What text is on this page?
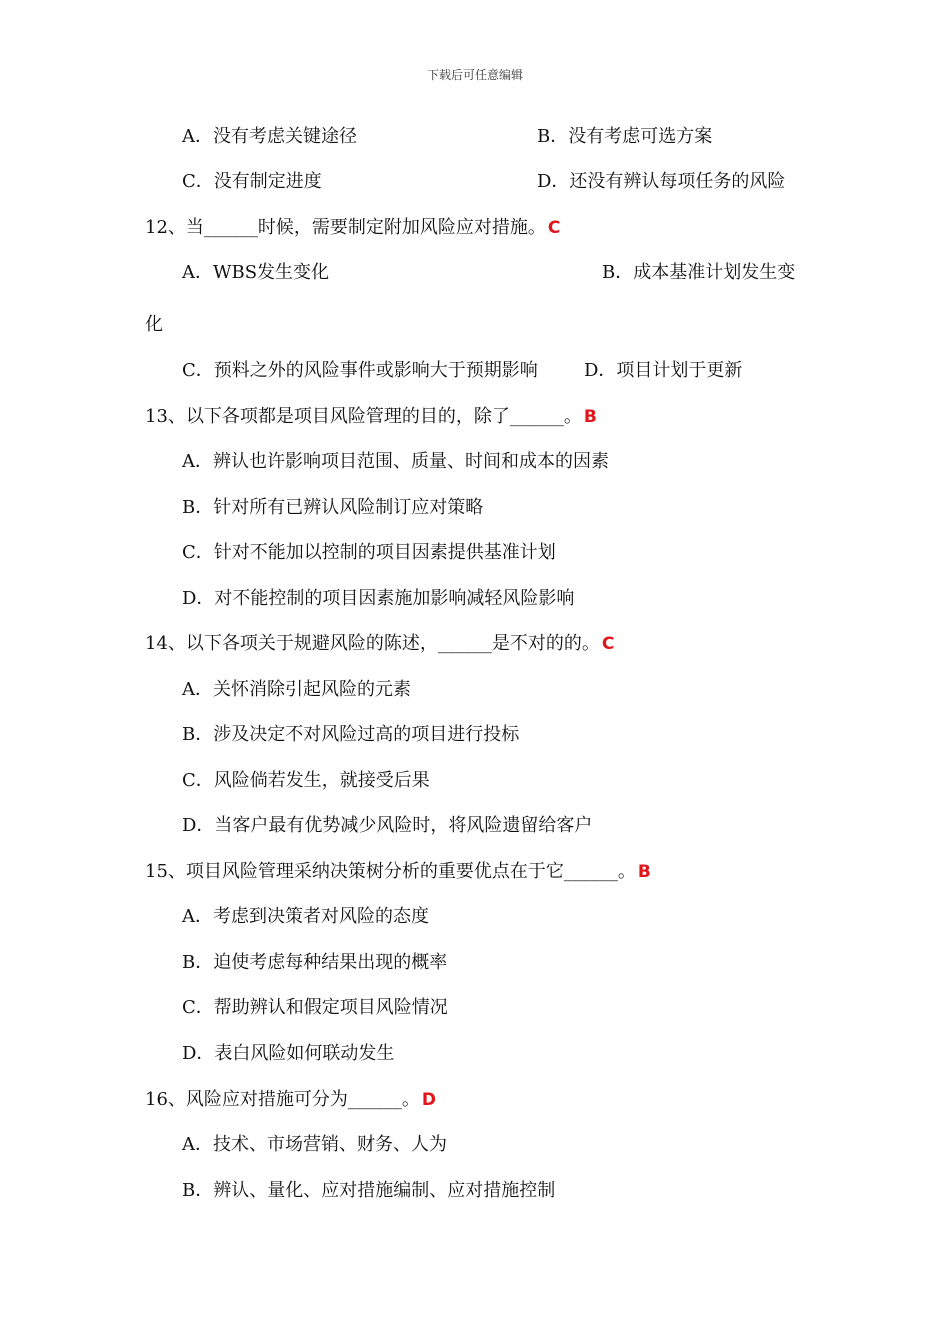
下载后可任意编辑
A．没有考虑关键途径	B．没有考虑可选方案
C．没有制定进度	D．还没有辨认每项任务的风险
12、当______时候，需要制定附加风险应对措施。 C
A．WBS发生变化	B．成本基准计划发生变
化
C．预料之外的风险事件或影响大于预期影响	D．项目计划于更新
13、以下各项都是项目风险管理的目的，除了______。 B
A．辨认也许影响项目范围、质量、时间和成本的因素
B．针对所有已辨认风险制订应对策略
C．针对不能加以控制的项目因素提供基准计划
D．对不能控制的项目因素施加影响减轻风险影响
14、以下各项关于规避风险的陈述，______是不对的的。 C
A．关怀消除引起风险的元素
B．涉及决定不对风险过高的项目进行投标
C．风险倘若发生，就接受后果
D．当客户最有优势减少风险时，将风险遗留给客户
15、项目风险管理采纳决策树分析的重要优点在于它______。 B
A．考虑到决策者对风险的态度
B．迫使考虑每种结果出现的概率
C．帮助辨认和假定项目风险情况
D．表白风险如何联动发生
16、风险应对措施可分为______。 D
A．技术、市场营销、财务、人为
B．辨认、量化、应对措施编制、应对措施控制
